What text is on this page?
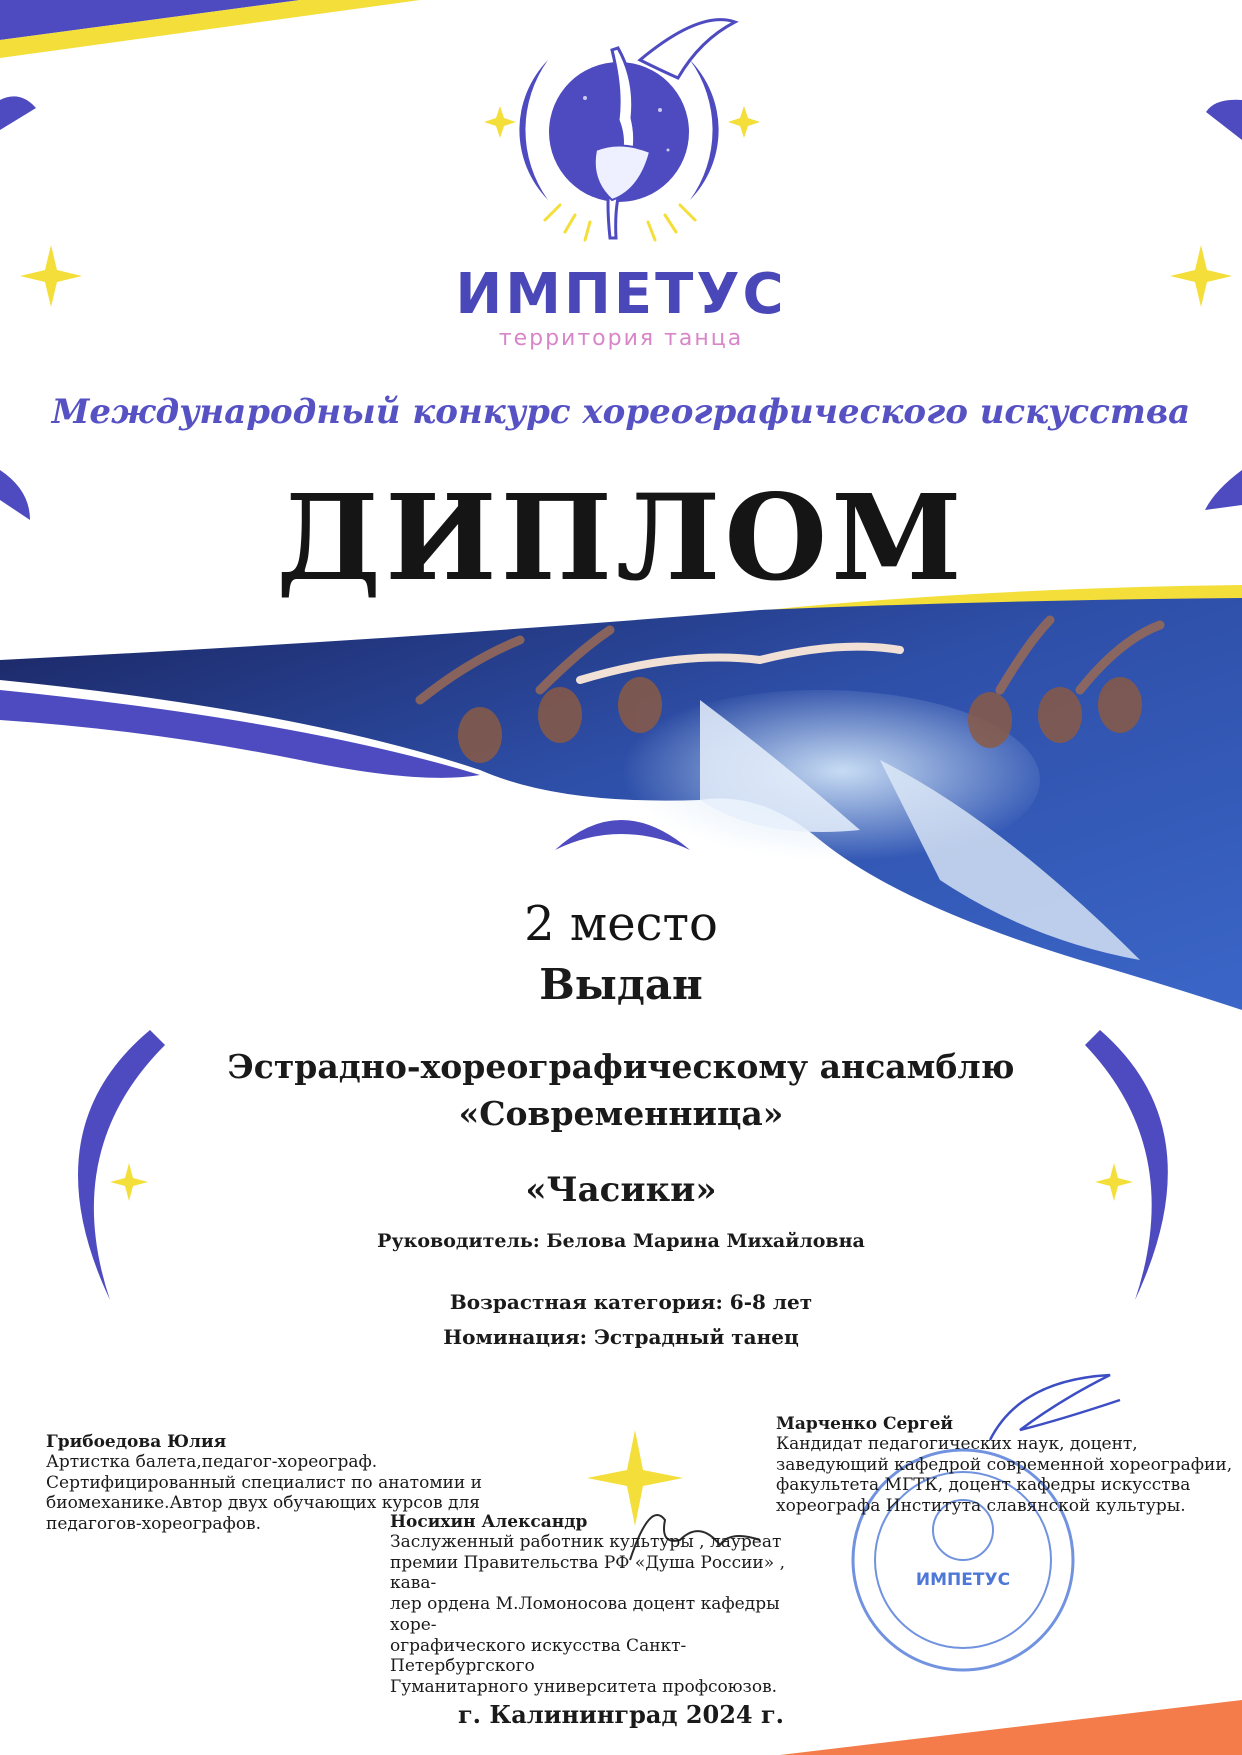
ИМПЕТУС
территория танца
Международный конкурс хореографического искусства
ДИПЛОМ
2 место
Выдан
Эстрадно-хореографическому ансамблю
«Современница»
«Часики»
Руководитель: Белова Марина Михайловна
Возрастная категория: 6-8 лет
Номинация: Эстрадный танец
Грибоедова Юлия
Артистка балета,педагог-хореограф.
Сертифицированный специалист по анатомии и
биомеханике.Автор двух обучающих курсов для
педагогов-хореографов.	Носихин Александр
Заслуженный работник культуры , лауреат
премии Правительства РФ «Душа России» , кава-
лер ордена М.Ломоносова доцент кафедры хоре-
ографического искусства Санкт-Петербургского
Гуманитарного университета профсоюзов.
Марченко Сергей
Кандидат педагогических наук, доцент,
заведующий кафедрой современной хореографии,
факультета МГТК, доцент кафедры искусства
хореографа Института славянской культуры.
ИМПЕТУС
г. Калининград 2024 г.
